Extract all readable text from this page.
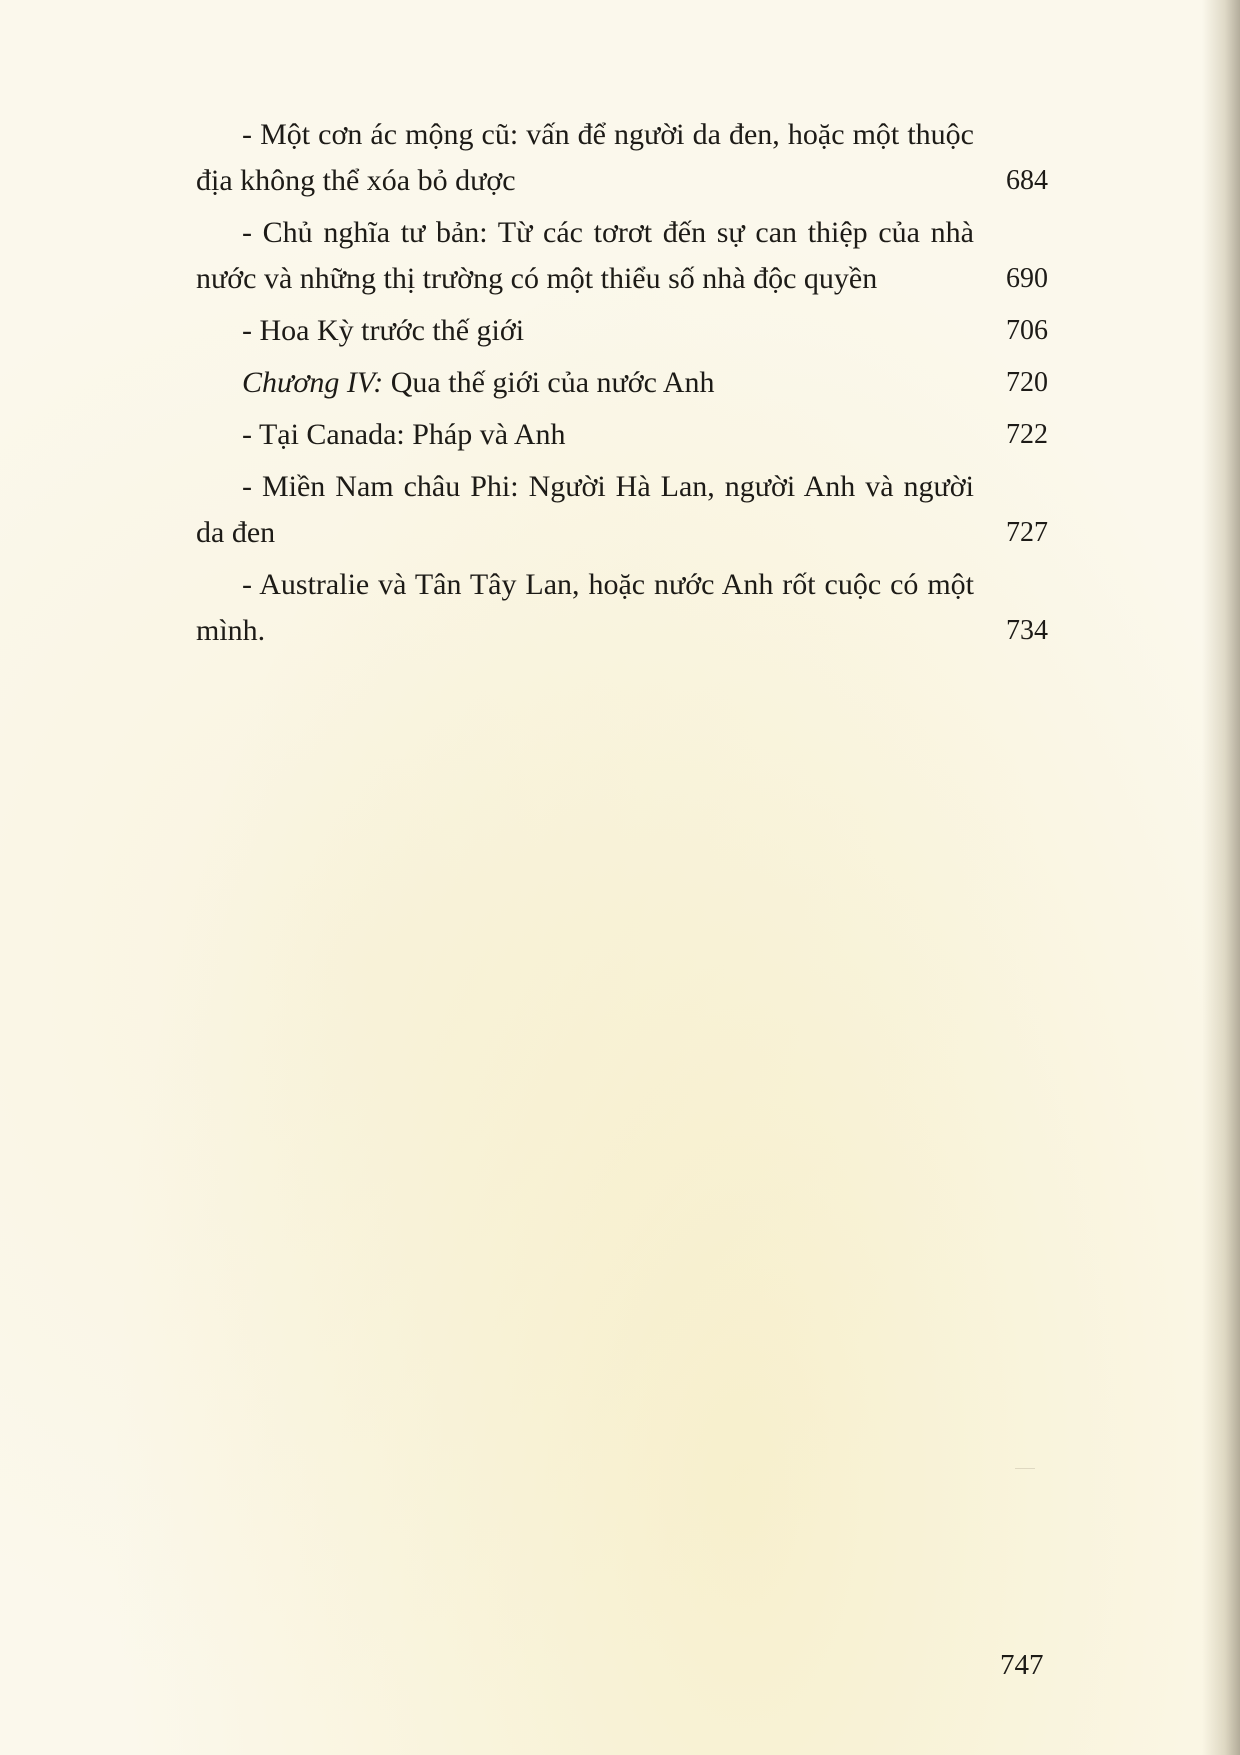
- Một cơn ác mộng cũ: vấn để người da đen, hoặc một thuộc địa không thể xóa bỏ dược	684
- Chủ nghĩa tư bản: Từ các tơrơt đến sự can thiệp của nhà nước và những thị trường có một thiểu số nhà độc quyền	690
- Hoa Kỳ trước thế giới	706
Chương IV: Qua thế giới của nước Anh	720
- Tại Canada: Pháp và Anh	722
- Miền Nam châu Phi: Người Hà Lan, người Anh và người da đen	727
- Australie và Tân Tây Lan, hoặc nước Anh rốt cuộc có một mình.	734
747
